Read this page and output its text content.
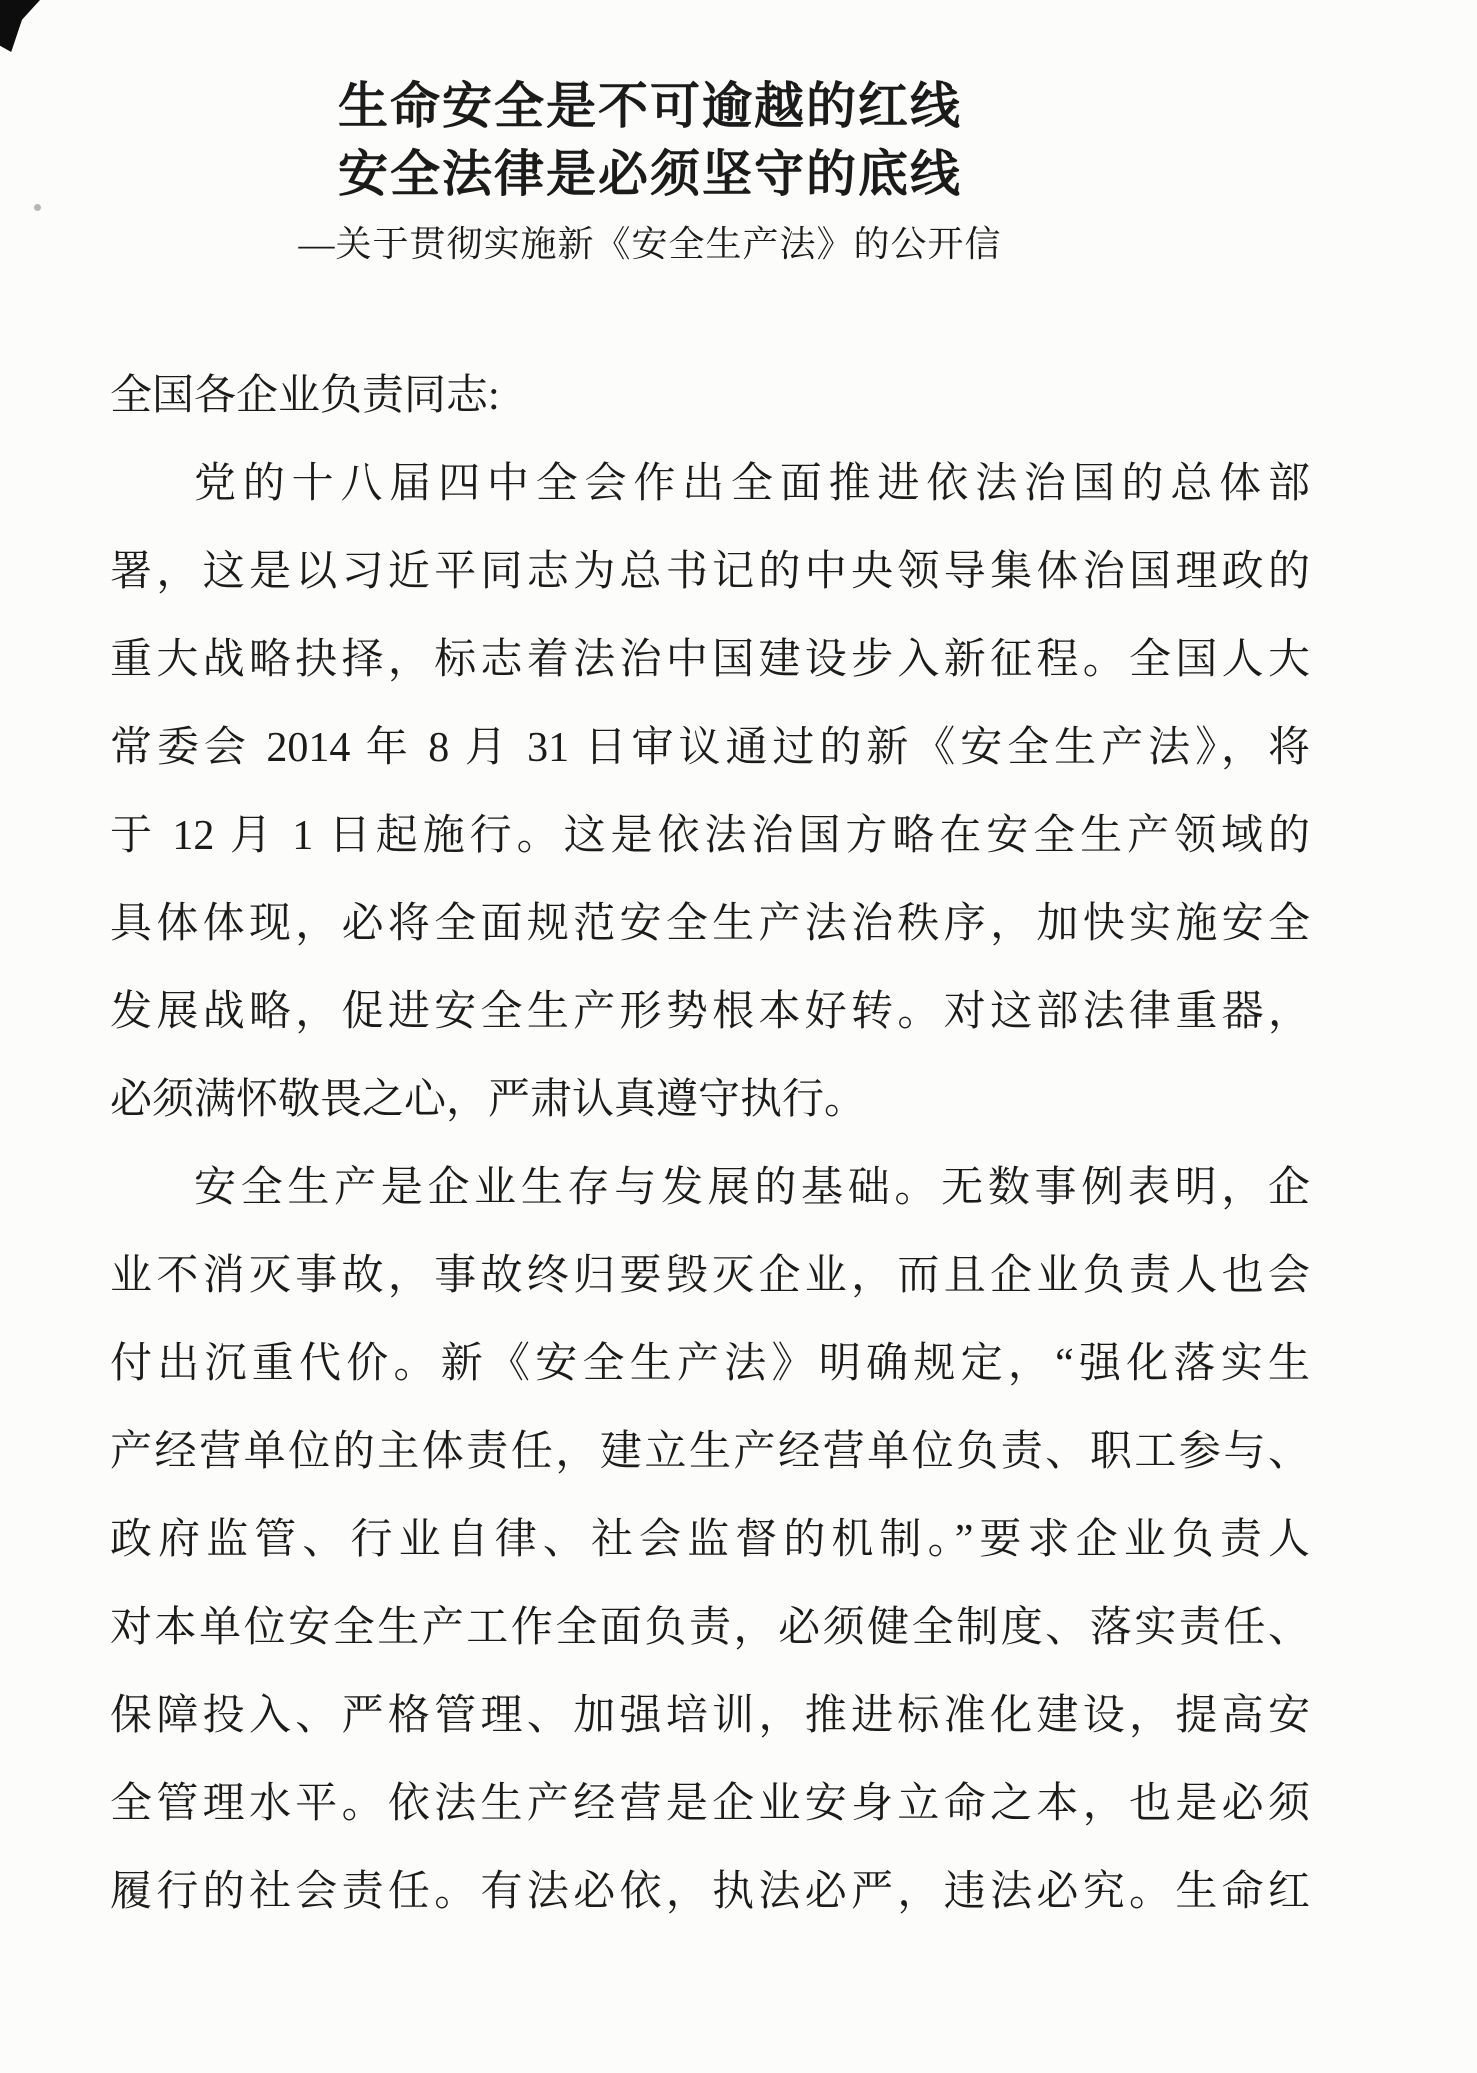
生命安全是不可逾越的红线
安全法律是必须坚守的底线
—关于贯彻实施新《安全生产法》的公开信
全国各企业负责同志:
党的十八届四中全会作出全面推进依法治国的总体部
署，这是以习近平同志为总书记的中央领导集体治国理政的
重大战略抉择，标志着法治中国建设步入新征程。全国人大
常委会 2014 年 8 月 31 日审议通过的新《安全生产法》，将
于 12 月 1 日起施行。这是依法治国方略在安全生产领域的
具体体现，必将全面规范安全生产法治秩序，加快实施安全
发展战略，促进安全生产形势根本好转。对这部法律重器，
必须满怀敬畏之心，严肃认真遵守执行。
安全生产是企业生存与发展的基础。无数事例表明，企
业不消灭事故，事故终归要毁灭企业，而且企业负责人也会
付出沉重代价。新《安全生产法》明确规定，“强化落实生
产经营单位的主体责任，建立生产经营单位负责、职工参与、
政府监管、行业自律、社会监督的机制。”要求企业负责人
对本单位安全生产工作全面负责，必须健全制度、落实责任、
保障投入、严格管理、加强培训，推进标准化建设，提高安
全管理水平。依法生产经营是企业安身立命之本，也是必须
履行的社会责任。有法必依，执法必严，违法必究。生命红
